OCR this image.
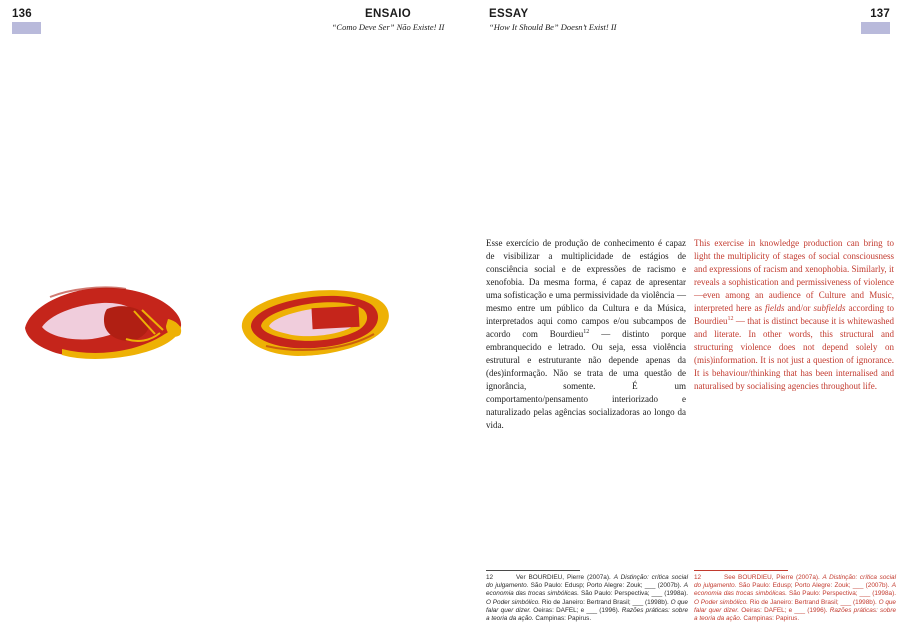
136	ENSAIO
“Como Deve Ser” Não Existe! II
ESSAY
“How It Should Be” Doesn’t Exist! II
137
Esse exercício de produção de conhecimento é capaz de visibilizar a multiplicidade de estágios de consciência social e de expressões de racismo e xenofobia. Da mesma forma, é capaz de apresentar uma sofisticação e uma permissividade da violência — mesmo entre um público da Cultura e da Música, interpretados aqui como campos e/ou subcampos de acordo com Bourdieu$^{12}$ — distinto porque embranquecido e letrado. Ou seja, essa violência estrutural e estruturante não depende apenas da (des)informação. Não se trata de uma questão de ignorância, somente. É um comportamento/pensamento interiorizado e naturalizado pelas agências socializadoras ao longo da vida.
This exercise in knowledge production can bring to light the multiplicity of stages of social consciousness and expressions of racism and xenophobia. Similarly, it reveals a sophistication and permissiveness of violence—even among an audience of Culture and Music, interpreted here as fields and/or subfields according to Bourdieu$^{12}$ — that is distinct because it is whitewashed and literate. In other words, this structural and structuring violence does not depend solely on (mis)information. It is not just a question of ignorance. It is behaviour/thinking that has been internalised and naturalised by socialising agencies throughout life.
12	Ver BOURDIEU, Pierre (2007a). A Distinção: crítica social do julgamento. São Paulo: Edusp; Porto Alegre: Zouk; ___ (2007b). A economia das trocas simbólicas. São Paulo: Perspectiva; ___ (1998a). O Poder simbólico. Rio de Janeiro: Bertrand Brasil; ___ (1998b). O que falar quer dizer. Oeiras: DAFEL; e ___ (1996). Razões práticas: sobre a teoria da ação. Campinas: Papirus.
12	See BOURDIEU, Pierre (2007a). A Distinção: crítica social do julgamento. São Paulo: Edusp; Porto Alegre: Zouk; ___ (2007b). A economia das trocas simbólicas. São Paulo: Perspectiva; ___ (1998a). O Poder simbólico. Rio de Janeiro: Bertrand Brasil; ___ (1998b). O que falar quer dizer. Oeiras: DAFEL; e ___ (1996). Razões práticas: sobre a teoria da ação. Campinas: Papirus.
